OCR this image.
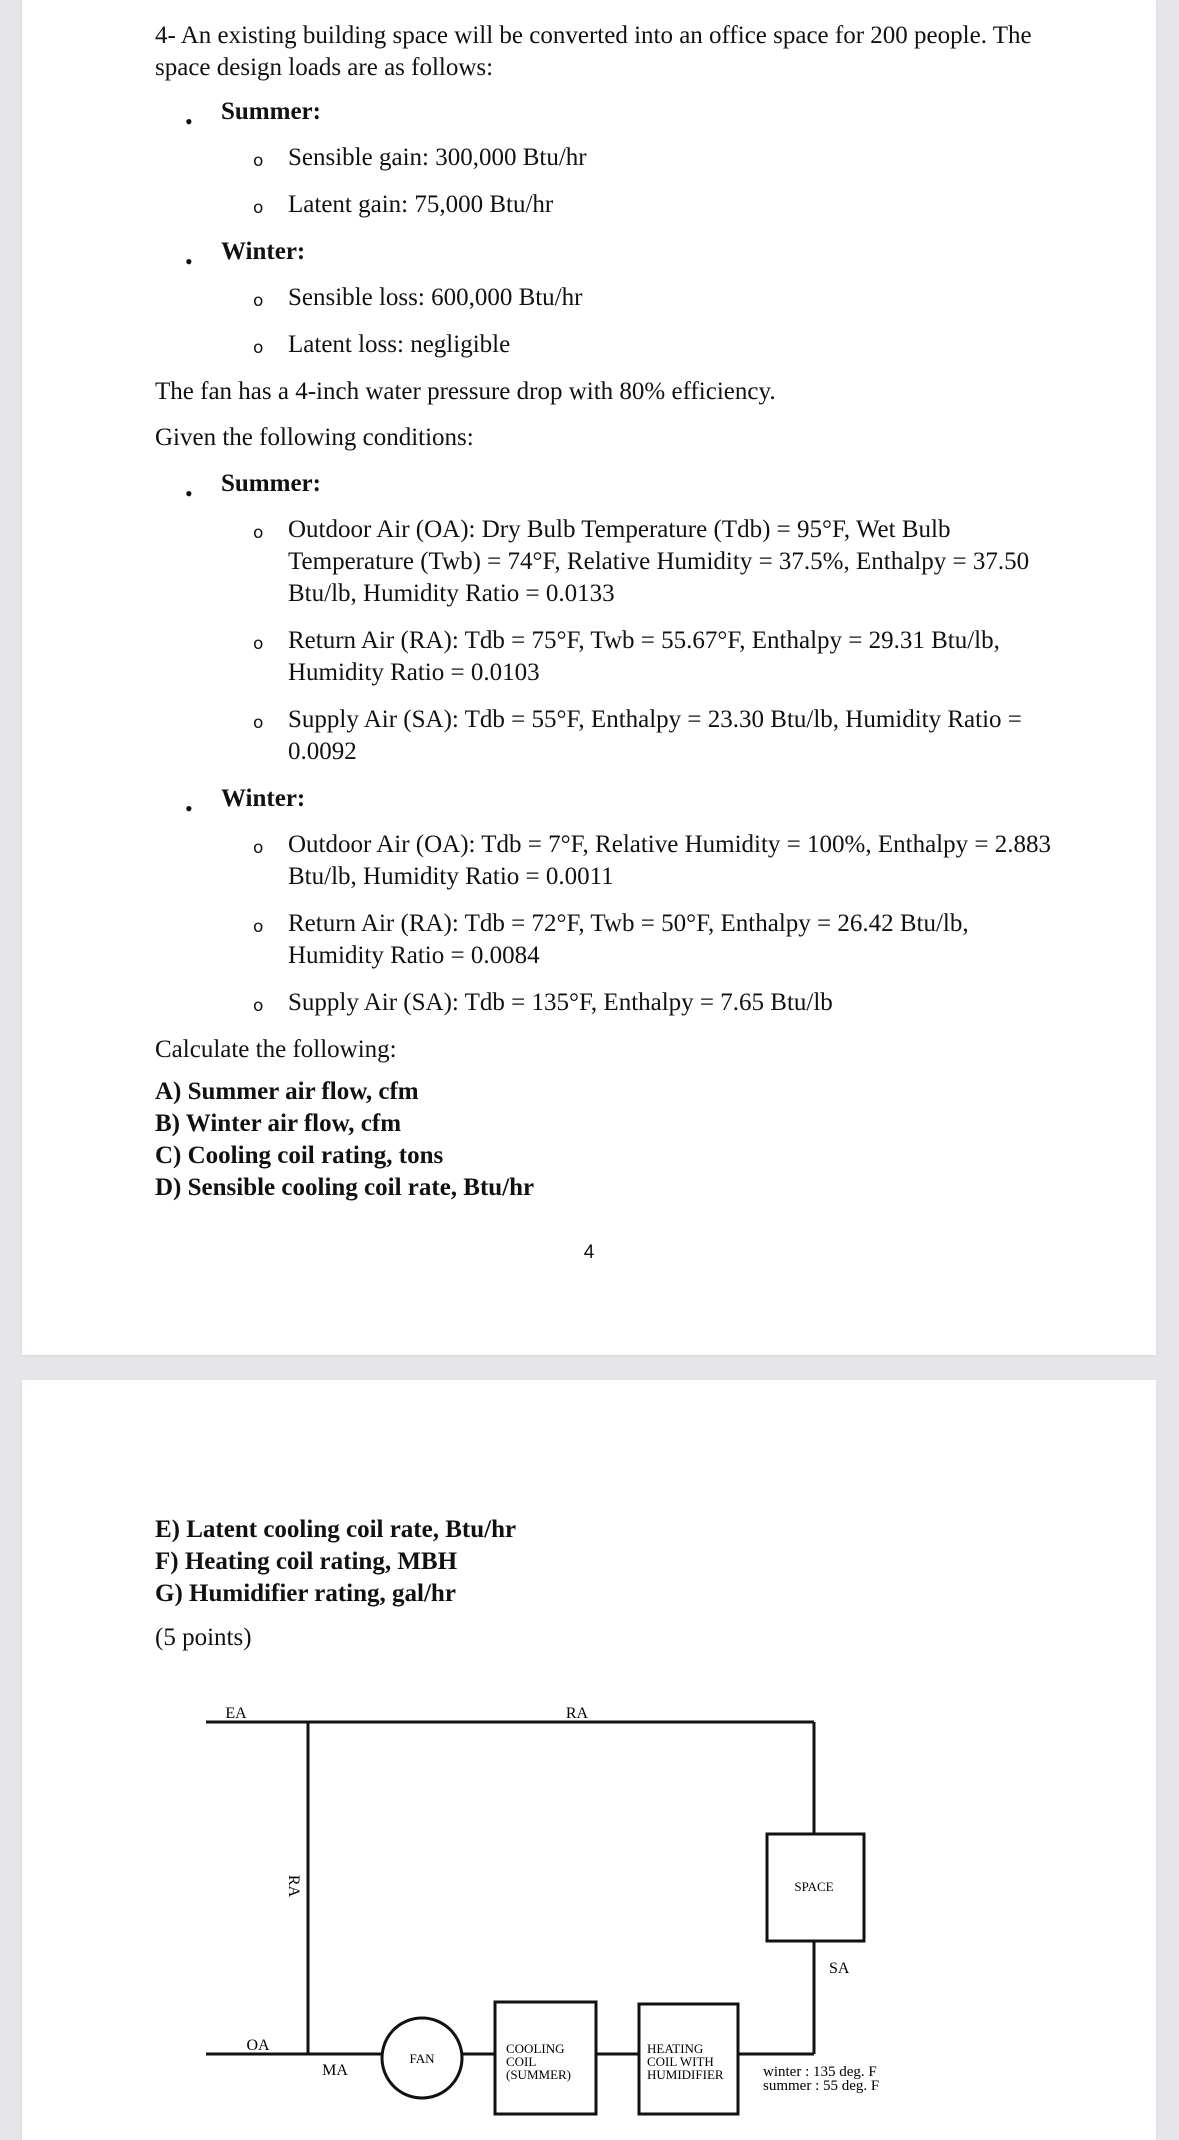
4- An existing building space will be converted into an office space for 200 people. The space design loads are as follows:

• Summer:
o Sensible gain: 300,000 Btu/hr
o Latent gain: 75,000 Btu/hr
• Winter:
o Sensible loss: 600,000 Btu/hr
o Latent loss: negligible

The fan has a 4-inch water pressure drop with 80% efficiency.

Given the following conditions:

• Summer:
o Outdoor Air (OA): Dry Bulb Temperature (Tdb) = 95°F, Wet Bulb Temperature (Twb) = 74°F, Relative Humidity = 37.5%, Enthalpy = 37.50 Btu/lb, Humidity Ratio = 0.0133
o Return Air (RA): Tdb = 75°F, Twb = 55.67°F, Enthalpy = 29.31 Btu/lb, Humidity Ratio = 0.0103
o Supply Air (SA): Tdb = 55°F, Enthalpy = 23.30 Btu/lb, Humidity Ratio = 0.0092
• Winter:
o Outdoor Air (OA): Tdb = 7°F, Relative Humidity = 100%, Enthalpy = 2.883 Btu/lb, Humidity Ratio = 0.0011
o Return Air (RA): Tdb = 72°F, Twb = 50°F, Enthalpy = 26.42 Btu/lb, Humidity Ratio = 0.0084
o Supply Air (SA): Tdb = 135°F, Enthalpy = 7.65 Btu/lb

Calculate the following:

A) Summer air flow, cfm

B) Winter air flow, cfm

C) Cooling coil rating, tons

D) Sensible cooling coil rate, Btu/hr

4

E) Latent cooling coil rate, Btu/hr

F) Heating coil rating, MBH

G) Humidifier rating, gal/hr

(5 points)

EA	RA
RA
OA
MA
FAN
SPACE
SA
COOLING
COIL
(SUMMER)
HEATING
COIL WITH
HUMIDIFIER	winter : 135 deg. F
summer : 55 deg. F
